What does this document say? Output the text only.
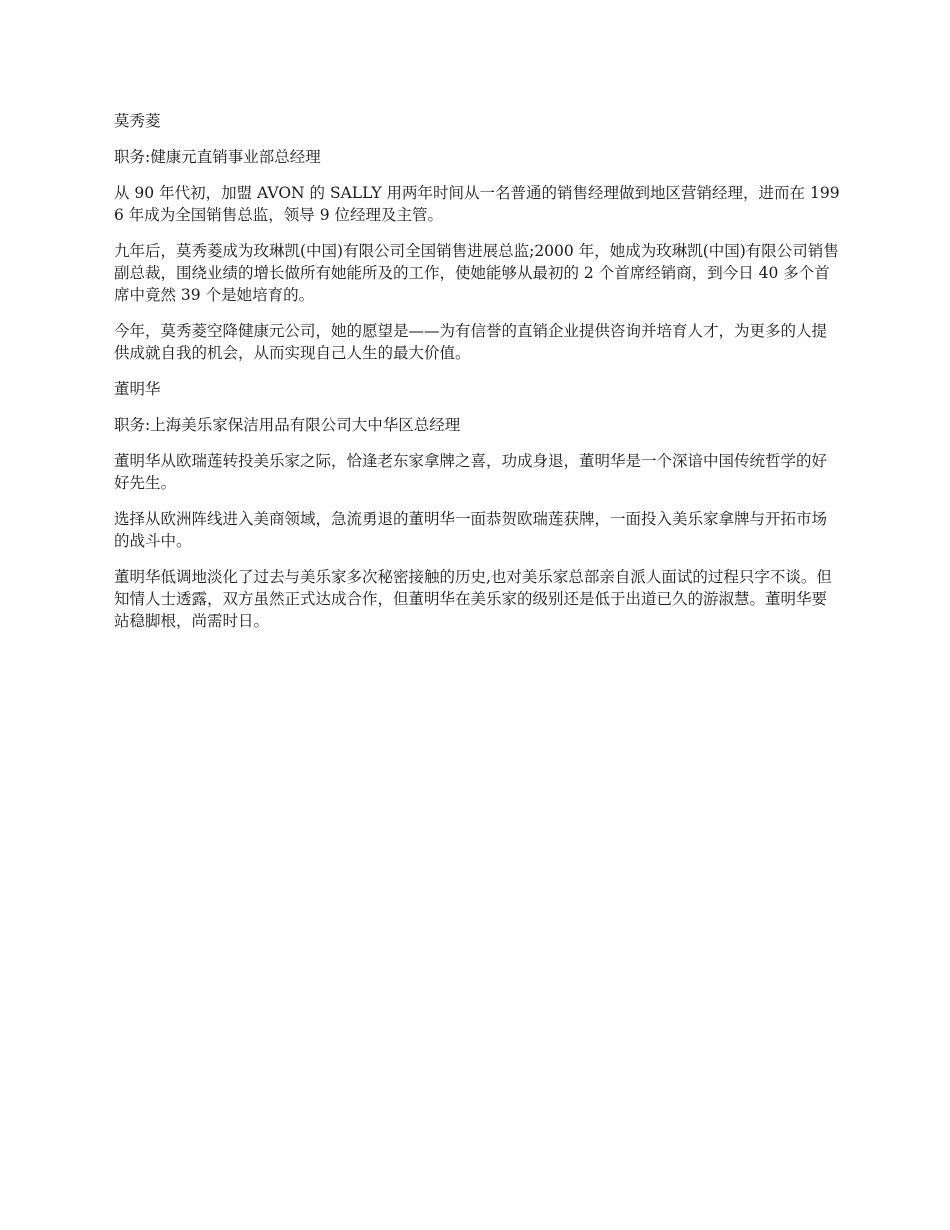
莫秀菱

职务:健康元直销事业部总经理

从 90 年代初，加盟 AVON 的 SALLY 用两年时间从一名普通的销售经理做到地区营销经理，进而在 1996 年成为全国销售总监，领导 9 位经理及主管。

九年后，莫秀菱成为玫琳凯(中国)有限公司全国销售进展总监;2000 年，她成为玫琳凯(中国)有限公司销售副总裁，围绕业绩的增长做所有她能所及的工作，使她能够从最初的 2 个首席经销商，到今日 40 多个首席中竟然 39 个是她培育的。

今年，莫秀菱空降健康元公司，她的愿望是——为有信誉的直销企业提供咨询并培育人才，为更多的人提供成就自我的机会，从而实现自己人生的最大价值。

董明华

职务:上海美乐家保洁用品有限公司大中华区总经理

董明华从欧瑞莲转投美乐家之际，恰逢老东家拿牌之喜，功成身退，董明华是一个深谙中国传统哲学的好好先生。

选择从欧洲阵线进入美商领域，急流勇退的董明华一面恭贺欧瑞莲获牌，一面投入美乐家拿牌与开拓市场的战斗中。

董明华低调地淡化了过去与美乐家多次秘密接触的历史,也对美乐家总部亲自派人面试的过程只字不谈。但知情人士透露，双方虽然正式达成合作，但董明华在美乐家的级别还是低于出道已久的游淑慧。董明华要站稳脚根，尚需时日。
